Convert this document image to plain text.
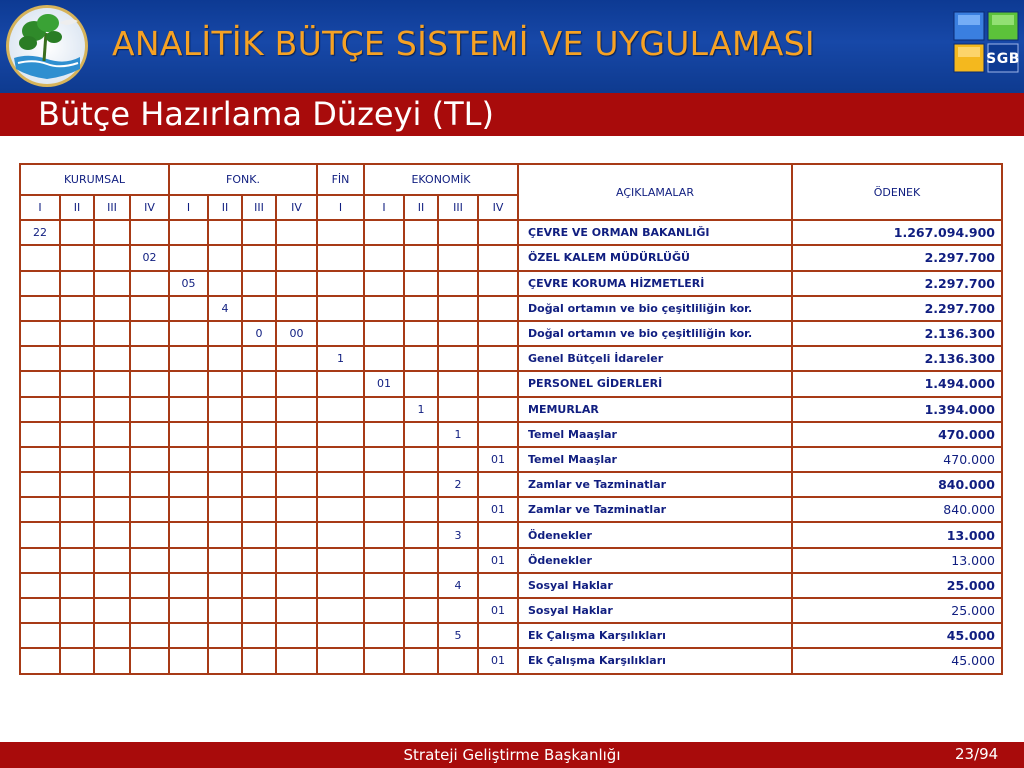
ANALİTİK BÜTÇE SİSTEMİ VE UYGULAMASI	SGB
Bütçe Hazırlama Düzeyi (TL)
KURUMSAL				FONK.				FİN	EKONOMİK				AÇIKLAMALAR	ÖDENEK
I	II	III	IV	I	II	III	IV	I	I	II	III	IV		
22													ÇEVRE VE ORMAN BAKANLIĞI	1.267.094.900
			02										ÖZEL KALEM MÜDÜRLÜĞÜ	2.297.700
				05									ÇEVRE KORUMA HİZMETLERİ	2.297.700
					4								Doğal ortamın ve bio çeşitliliğin kor.	2.297.700
						0	00						Doğal ortamın ve bio çeşitliliğin kor.	2.136.300
								1					Genel Bütçeli İdareler	2.136.300
									01				PERSONEL GİDERLERİ	1.494.000
										1			MEMURLAR	1.394.000
											1		Temel Maaşlar	470.000
												01	Temel Maaşlar	470.000
											2		Zamlar ve Tazminatlar	840.000
												01	Zamlar ve Tazminatlar	840.000
											3		Ödenekler	13.000
												01	Ödenekler	13.000
											4		Sosyal Haklar	25.000
												01	Sosyal Haklar	25.000
											5		Ek Çalışma Karşılıkları	45.000
												01	Ek Çalışma Karşılıkları	45.000
Strateji Geliştirme Başkanlığı	23/94
